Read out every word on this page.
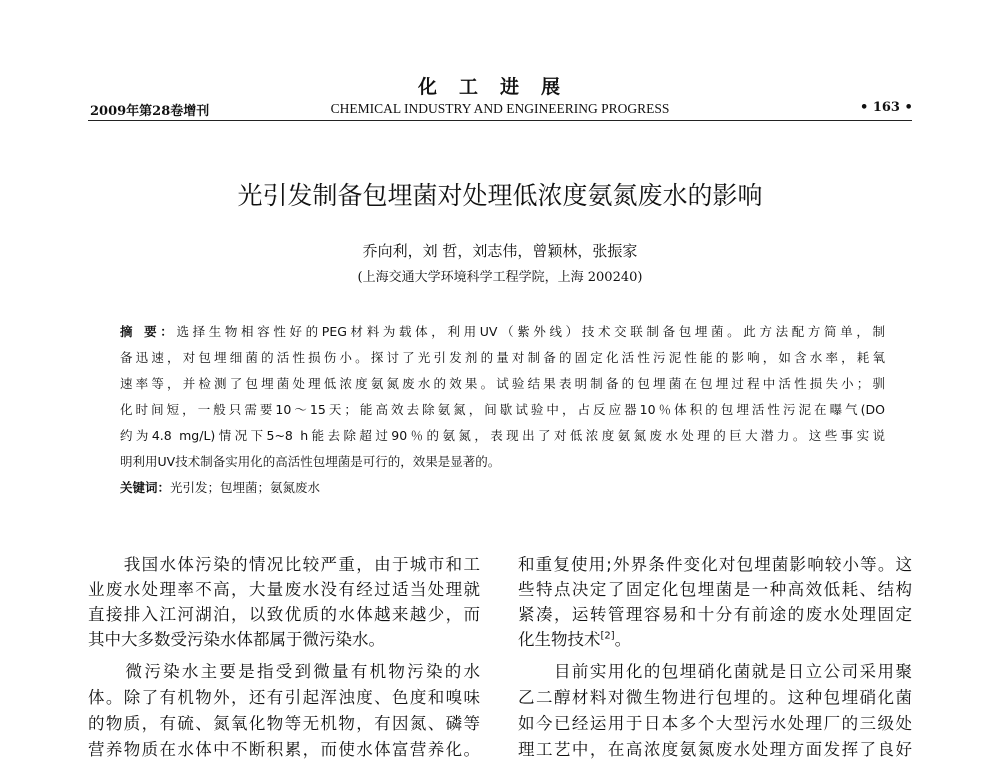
化工进展
2009年第28卷增刊	CHEMICAL INDUSTRY AND ENGINEERING PROGRESS	• 163 •
光引发制备包埋菌对处理低浓度氨氮废水的影响
乔向利，刘 哲，刘志伟，曾颖林，张振家
(上海交通大学环境科学工程学院，上海 200240)
摘 要：选择生物相容性好的PEG材料为载体，利用UV（紫外线）技术交联制备包埋菌。此方法配方简单，制
备迅速，对包埋细菌的活性损伤小。探讨了光引发剂的量对制备的固定化活性污泥性能的影响，如含水率，耗氧
速率等，并检测了包埋菌处理低浓度氨氮废水的效果。试验结果表明制备的包埋菌在包埋过程中活性损失小；驯
化时间短，一般只需要10～15天；能高效去除氨氮，间歇试验中，占反应器10％体积的包埋活性污泥在曝气(DO
约为4.8 mg/L)情况下5~8 h能去除超过90％的氨氮，表现出了对低浓度氨氮废水处理的巨大潜力。这些事实说
明利用UV技术制备实用化的高活性包埋菌是可行的，效果是显著的。
关键词：光引发；包埋菌；氨氮废水
　　我国水体污染的情况比较严重，由于城市和工
业废水处理率不高，大量废水没有经过适当处理就
直接排入江河湖泊，以致优质的水体越来越少，而
其中大多数受污染水体都属于微污染水。
　　微污染水主要是指受到微量有机物污染的水
体。除了有机物外，还有引起浑浊度、色度和嗅味
的物质，有硫、氮氧化物等无机物，有因氮、磷等
营养物质在水体中不断积累，而使水体富营养化。
和重复使用;外界条件变化对包埋菌影响较小等。这
些特点决定了固定化包埋菌是一种高效低耗、结构
紧凑，运转管理容易和十分有前途的废水处理固定
化生物技术[2]。
　　目前实用化的包埋硝化菌就是日立公司采用聚
乙二醇材料对微生物进行包埋的。这种包埋硝化菌
如今已经运用于日本多个大型污水处理厂的三级处
理工艺中，在高浓度氨氮废水处理方面发挥了良好
